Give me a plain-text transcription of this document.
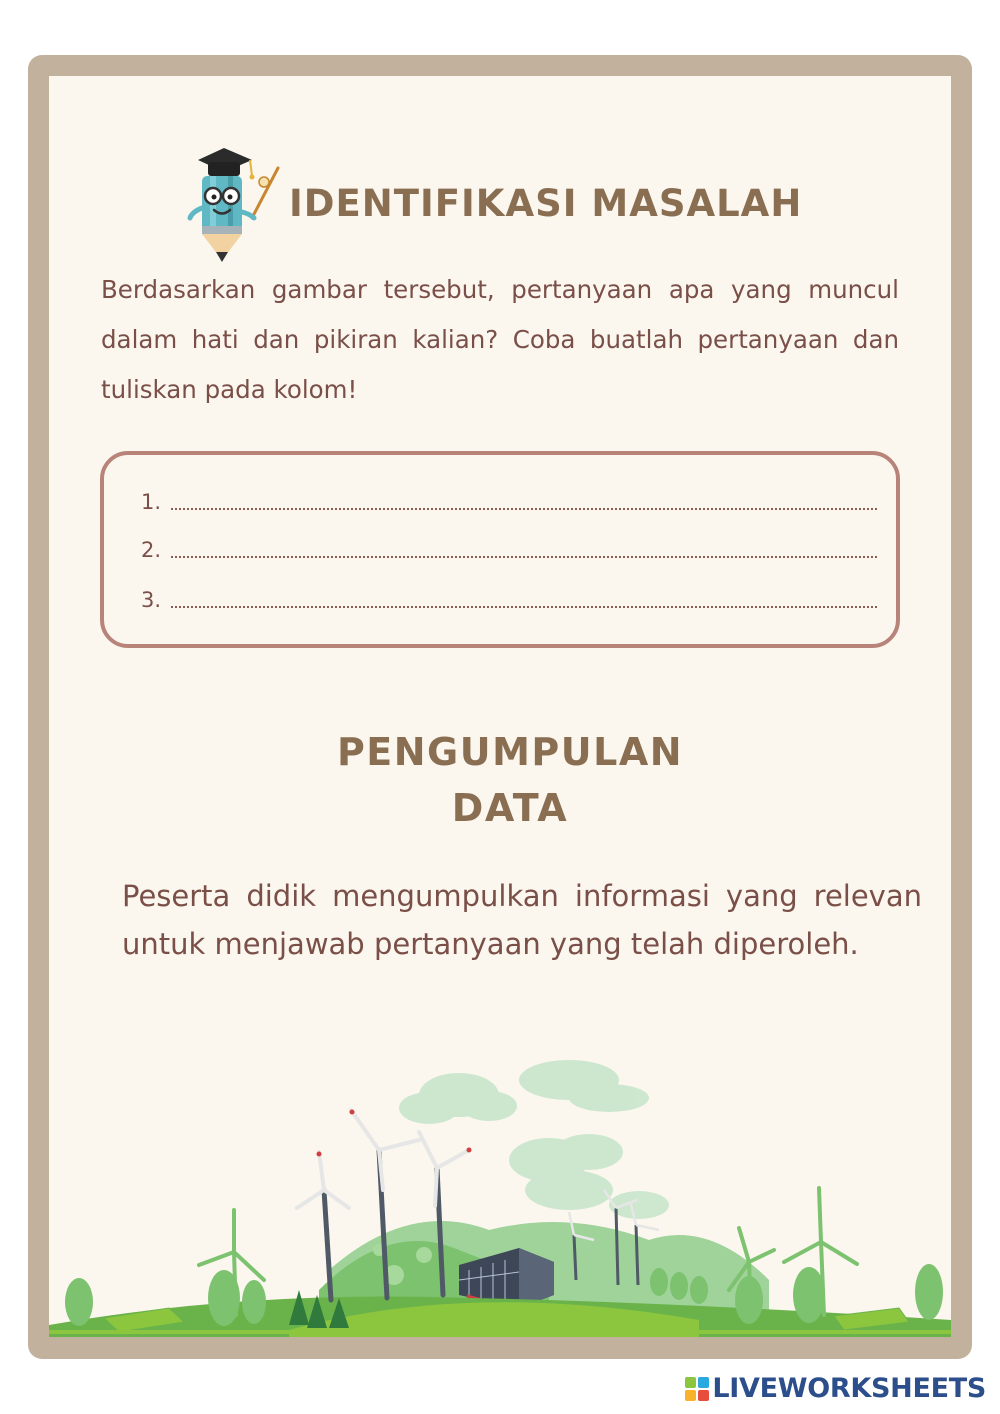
IDENTIFIKASI MASALAH

Berdasarkan gambar tersebut, pertanyaan apa yang muncul dalam hati dan pikiran kalian? Coba buatlah pertanyaan dan tuliskan pada kolom!

1.
2.
3.
PENGUMPULAN
DATA

Peserta didik mengumpulkan informasi yang relevan untuk menjawab pertanyaan yang telah diperoleh.

LIVEWORKSHEETS
